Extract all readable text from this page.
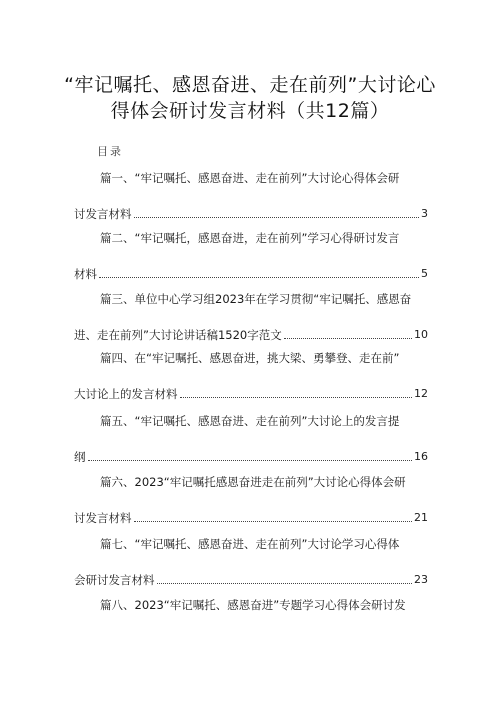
“牢记嘱托、感恩奋进、走在前列”大讨论心
得体会研讨发言材料（共12篇）
目录
篇一、“牢记嘱托、感恩奋进、走在前列”大讨论心得体会研
讨发言材料	3
篇二、“牢记嘱托，感恩奋进，走在前列”学习心得研讨发言
材料	5
篇三、单位中心学习组2023年在学习贯彻“牢记嘱托、感恩奋
进、走在前列”大讨论讲话稿1520字范文	10
篇四、在“牢记嘱托、感恩奋进，挑大梁、勇攀登、走在前”
大讨论上的发言材料	12
篇五、“牢记嘱托、感恩奋进、走在前列”大讨论上的发言提
纲	16
篇六、2023“牢记嘱托感恩奋进走在前列”大讨论心得体会研
讨发言材料	21
篇七、“牢记嘱托、感恩奋进、走在前列”大讨论学习心得体
会研讨发言材料	23
篇八、2023“牢记嘱托、感恩奋进”专题学习心得体会研讨发
